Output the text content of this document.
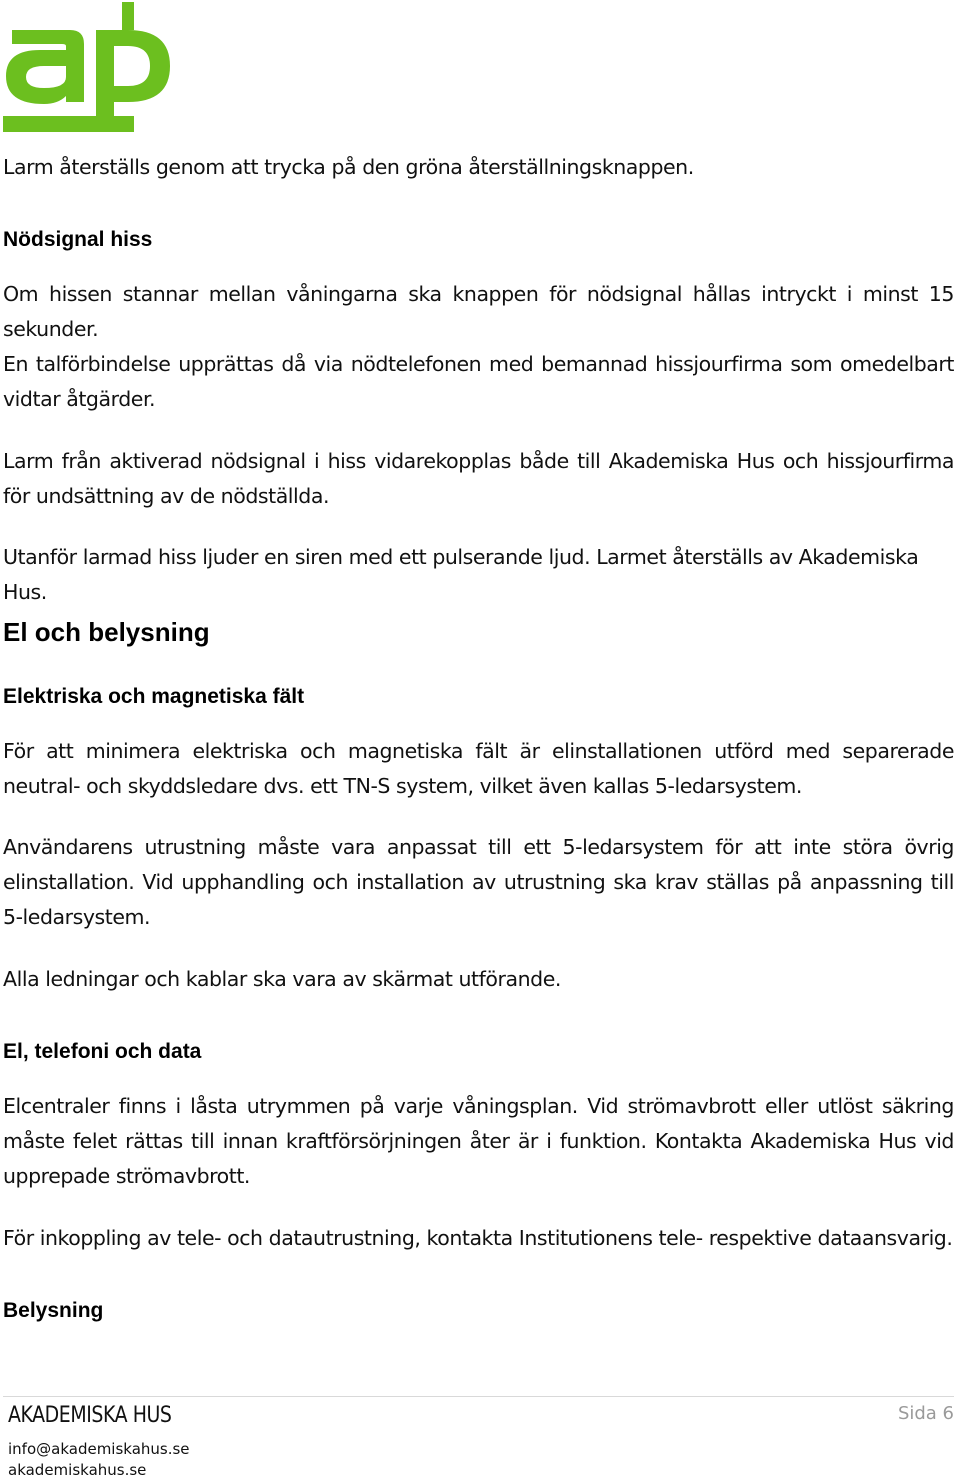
Larm återställs genom att trycka på den gröna återställningsknappen.

Nödsignal hiss

Om hissen stannar mellan våningarna ska knappen för nödsignal hållas intryckt i minst 15 sekunder.

En talförbindelse upprättas då via nödtelefonen med bemannad hissjourfirma som omedelbart vidtar åtgärder.

Larm från aktiverad nödsignal i hiss vidarekopplas både till Akademiska Hus och hissjourfirma för undsättning av de nödställda.

Utanför larmad hiss ljuder en siren med ett pulserande ljud. Larmet återställs av Akademiska Hus.

El och belysning
Elektriska och magnetiska fält

För att minimera elektriska och magnetiska fält är elinstallationen utförd med separerade neutral- och skyddsledare dvs. ett TN-S system, vilket även kallas 5-ledarsystem.

Användarens utrustning måste vara anpassat till ett 5-ledarsystem för att inte störa övrig elinstallation. Vid upphandling och installation av utrustning ska krav ställas på anpassning till 5-ledarsystem.

Alla ledningar och kablar ska vara av skärmat utförande.

El, telefoni och data

Elcentraler finns i låsta utrymmen på varje våningsplan. Vid strömavbrott eller utlöst säkring måste felet rättas till innan kraftförsörjningen åter är i funktion. Kontakta Akademiska Hus vid upprepade strömavbrott.

För inkoppling av tele- och datautrustning, kontakta Institutionens tele- respektive dataansvarig.

Belysning
AKADEMISKA HUS
info@akademiskahus.se
akademiskahus.se
Sida 6
